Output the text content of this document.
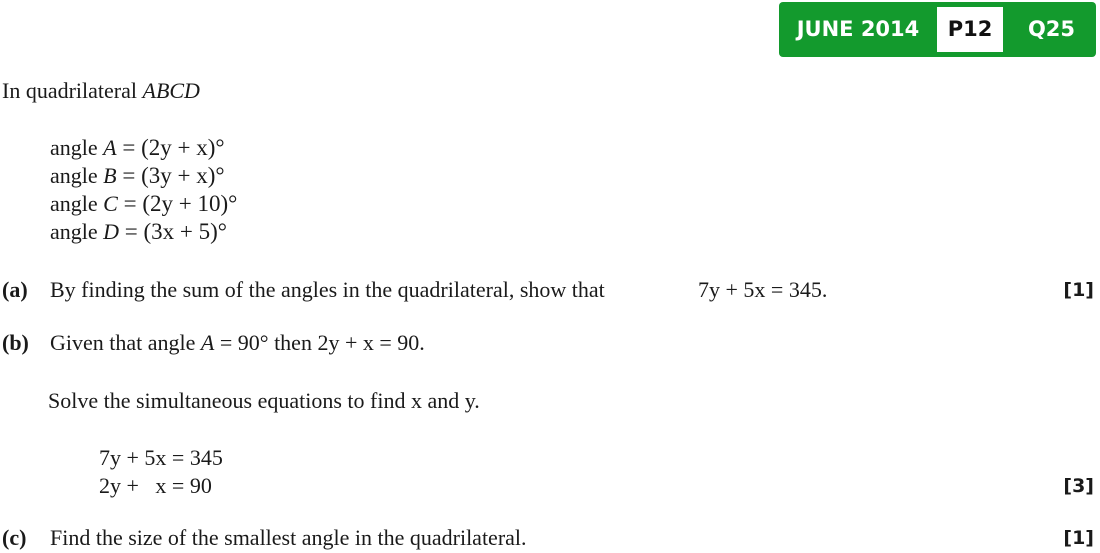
JUNE 2014	P12	Q25
In quadrilateral ABCD
angle A = (2y + x)°
angle B = (3y + x)°
angle C = (2y + 10)°
angle D = (3x + 5)°
(a) By finding the sum of the angles in the quadrilateral, show that	7y + 5x = 345.	[1]
(b) Given that angle A = 90° then 2y + x = 90.
Solve the simultaneous equations to find x and y.
7y + 5x = 345
2y +   x = 90	[3]
(c) Find the size of the smallest angle in the quadrilateral.	[1]
